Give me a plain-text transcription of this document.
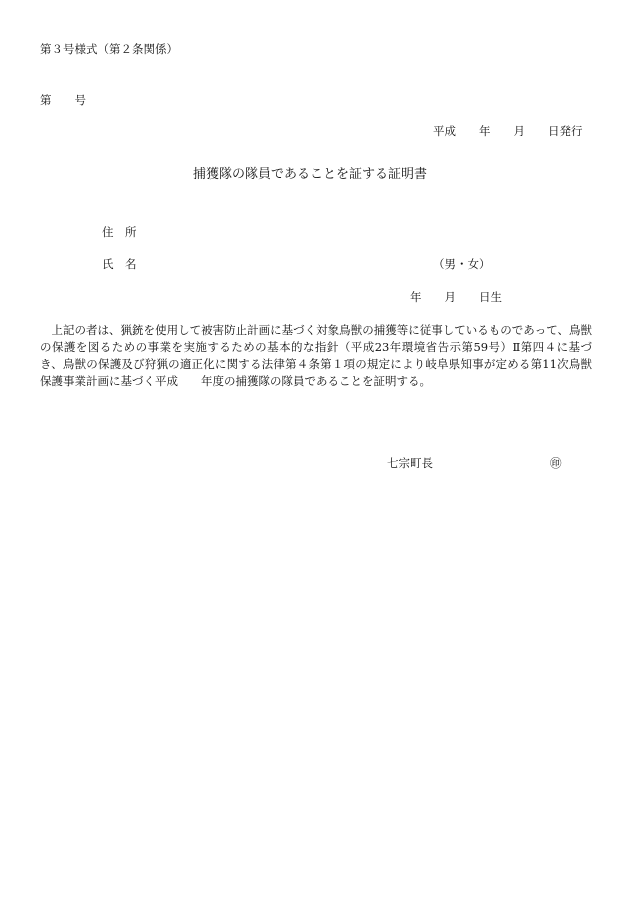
第３号様式（第２条関係）
第　　号
平成　　年　　月　　日発行
捕獲隊の隊員であることを証する証明書
住　所
氏　名	（男・女）
年　　月　　日生
上記の者は、猟銃を使用して被害防止計画に基づく対象鳥獣の捕獲等に従事しているものであって、鳥獣の保護を図るための事業を実施するための基本的な指針（平成23年環境省告示第59号）Ⅱ第四４に基づき、鳥獣の保護及び狩猟の適正化に関する法律第４条第１項の規定により岐阜県知事が定める第11次鳥獣保護事業計画に基づく平成　　年度の捕獲隊の隊員であることを証明する。
七宗町長	㊞
